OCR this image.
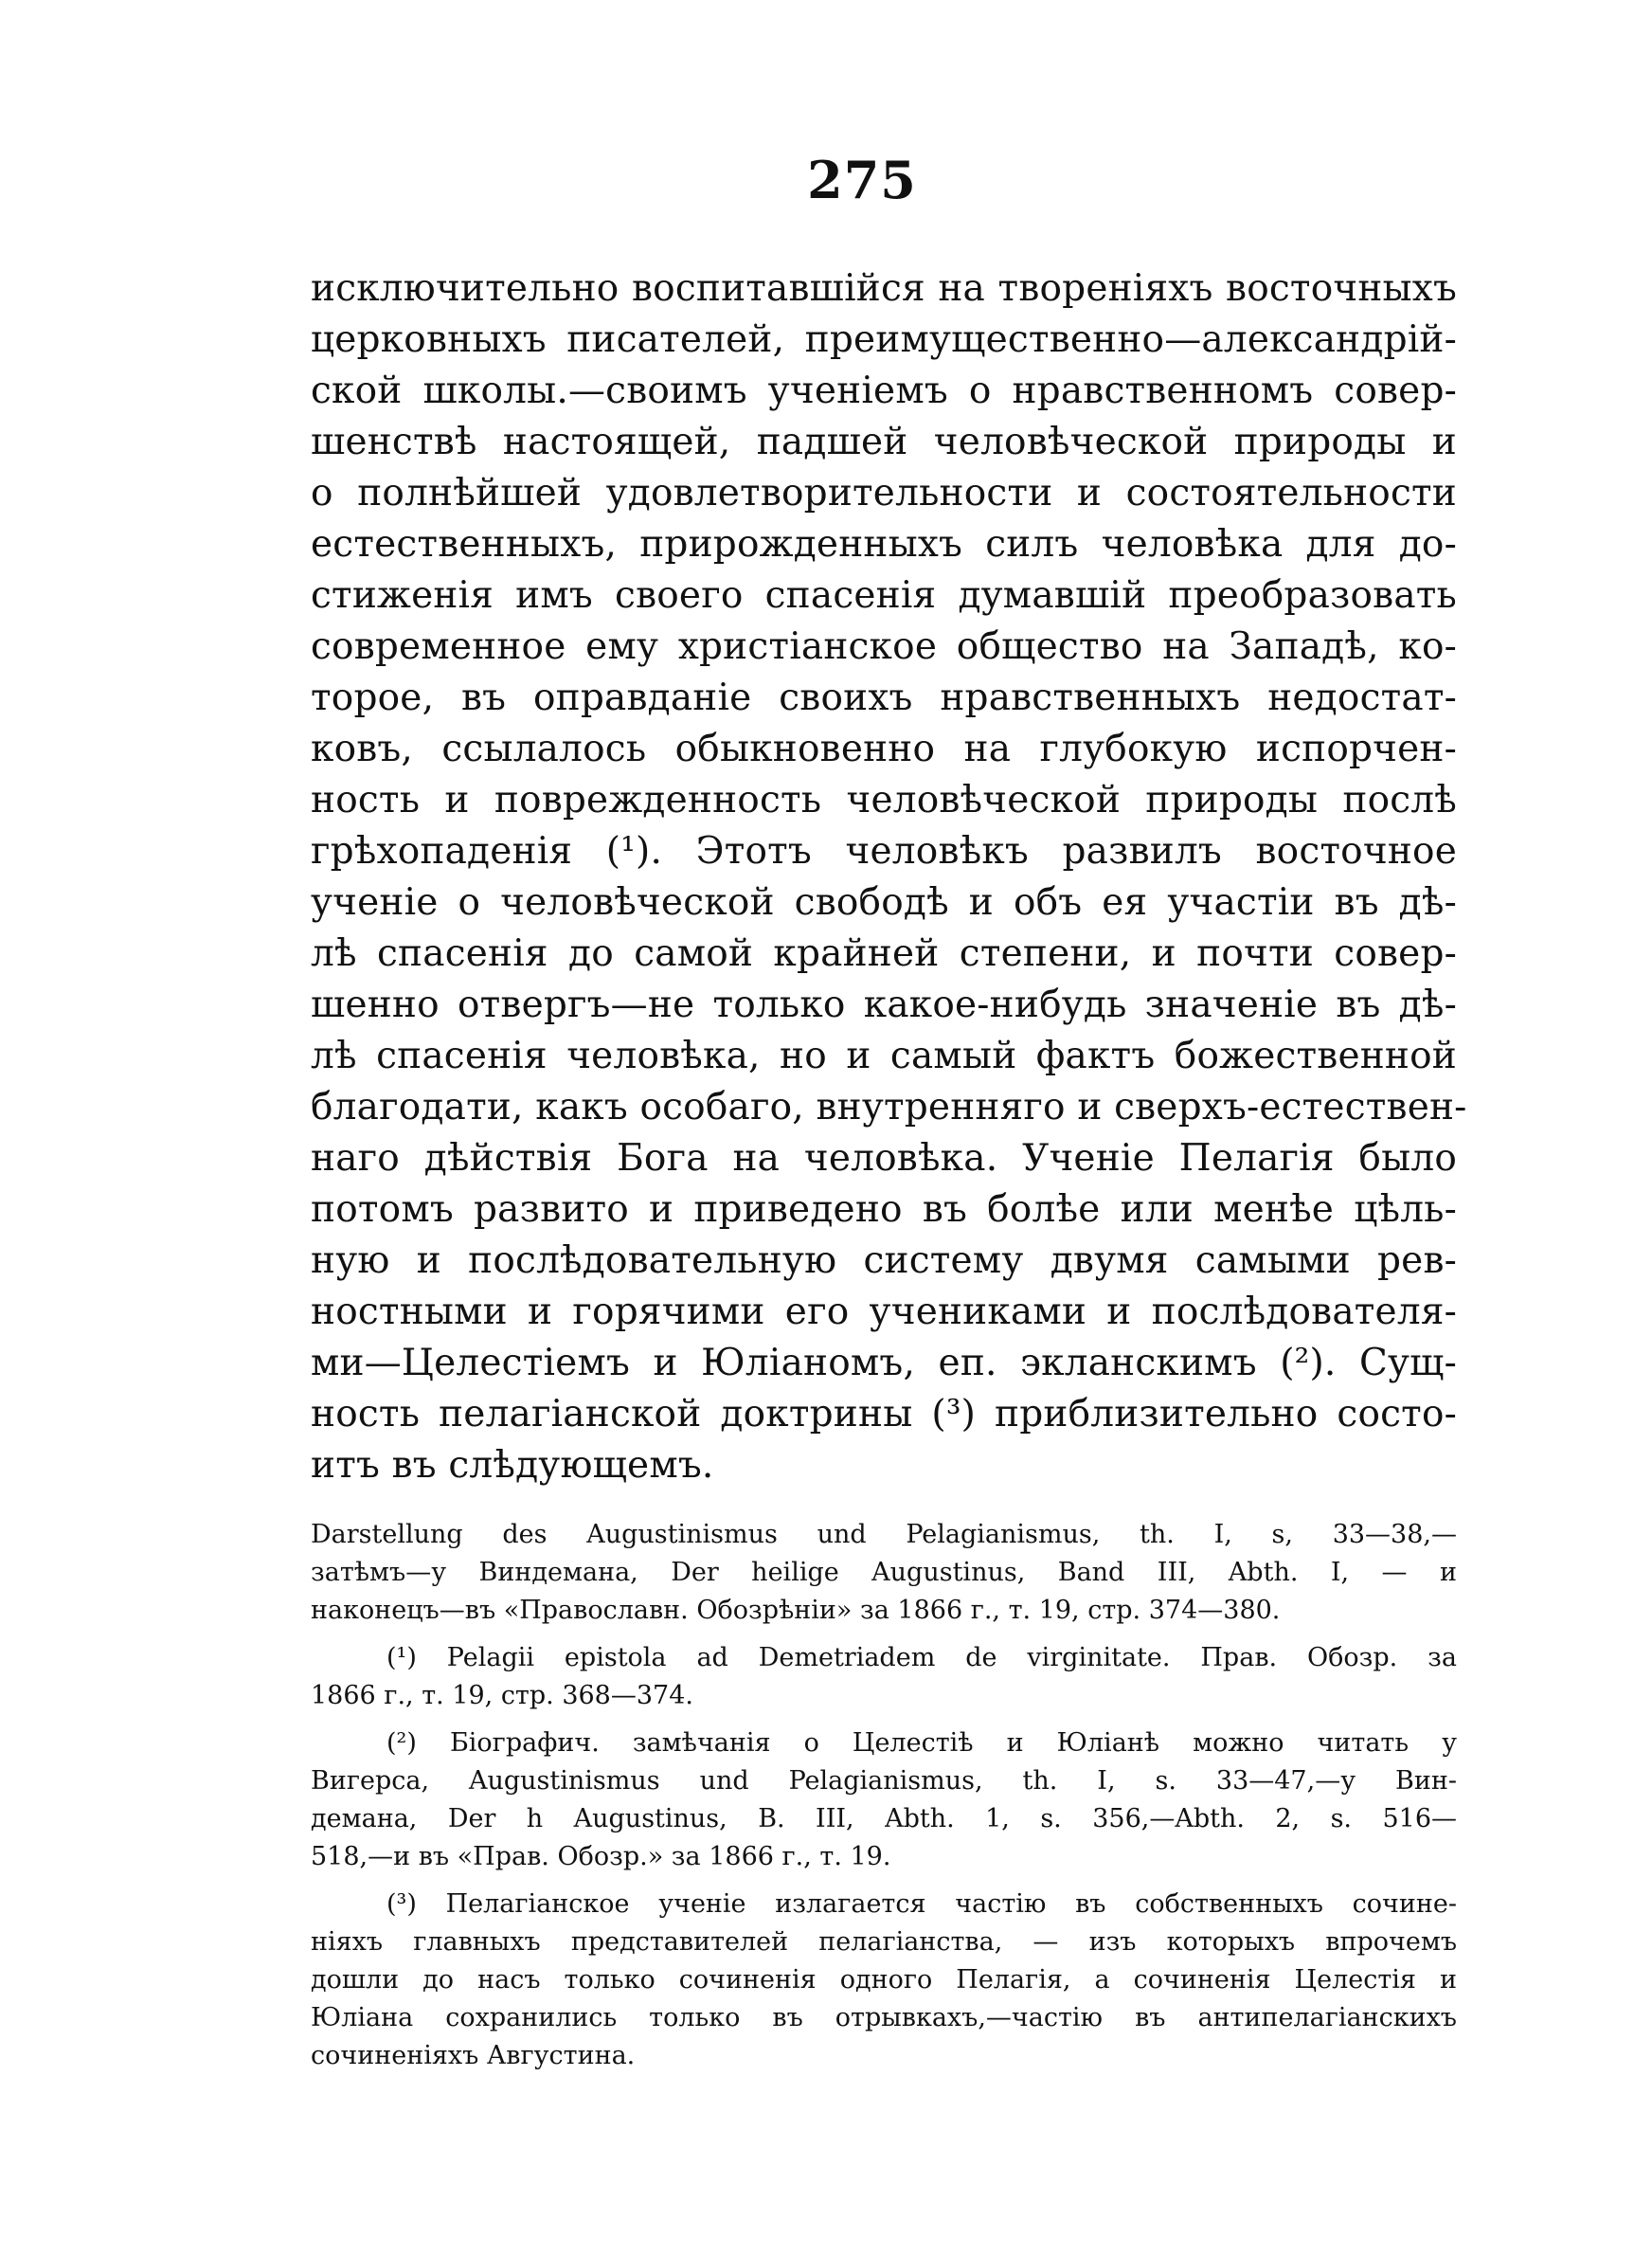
275
исключительно воспитавшійся на твореніяхъ восточныхъ
церковныхъ писателей, преимущественно—александрій-
ской школы.—своимъ ученіемъ о нравственномъ совер-
шенствѣ настоящей, падшей человѣческой природы и
о полнѣйшей удовлетворительности и состоятельности
естественныхъ, прирожденныхъ силъ человѣка для до-
стиженія имъ своего спасенія думавшій преобразовать
современное ему христіанское общество на Западѣ, ко-
торое, въ оправданіе своихъ нравственныхъ недостат-
ковъ, ссылалось обыкновенно на глубокую испорчен-
ность и поврежденность человѣческой природы послѣ
грѣхопаденія (¹). Этотъ человѣкъ развилъ восточное
ученіе о человѣческой свободѣ и объ ея участіи въ дѣ-
лѣ спасенія до самой крайней степени, и почти совер-
шенно отвергъ—не только какое-нибудь значеніе въ дѣ-
лѣ спасенія человѣка, но и самый фактъ божественной
благодати, какъ особаго, внутренняго и сверхъ-естествен-
наго дѣйствія Бога на человѣка. Ученіе Пелагія было
потомъ развито и приведено въ болѣе или менѣе цѣль-
ную и послѣдовательную систему двумя самыми рев-
ностными и горячими его учениками и послѣдователя-
ми—Целестіемъ и Юліаномъ, еп. экланскимъ (²). Сущ-
ность пелагіанской доктрины (³) приблизительно состо-
итъ въ слѣдующемъ.
Darstellung des Augustinismus und Pelagianismus, th. I, s, 33—38,—
затѣмъ—у Виндемана, Der heilige Augustinus, Band III, Abth. I, — и
наконецъ—въ «Православн. Обозрѣніи» за 1866 г., т. 19, стр. 374—380.
(¹) Pelagii epistola ad Demetriadem de virginitate. Прав. Обозр. за
1866 г., т. 19, стр. 368—374.
(²) Біографич. замѣчанія о Целестіѣ и Юліанѣ можно читать у
Вигерса, Augustinismus und Pelagianismus, th. I, s. 33—47,—у Вин-
демана, Der h Augustinus, B. III, Abth. 1, s. 356,—Abth. 2, s. 516—
518,—и въ «Прав. Обозр.» за 1866 г., т. 19.
(³) Пелагіанское ученіе излагается частію въ собственныхъ сочине-
ніяхъ главныхъ представителей пелагіанства, — изъ которыхъ впрочемъ
дошли до насъ только сочиненія одного Пелагія, а сочиненія Целестія и
Юліана сохранились только въ отрывкахъ,—частію въ антипелагіанскихъ
сочиненіяхъ Августина.
